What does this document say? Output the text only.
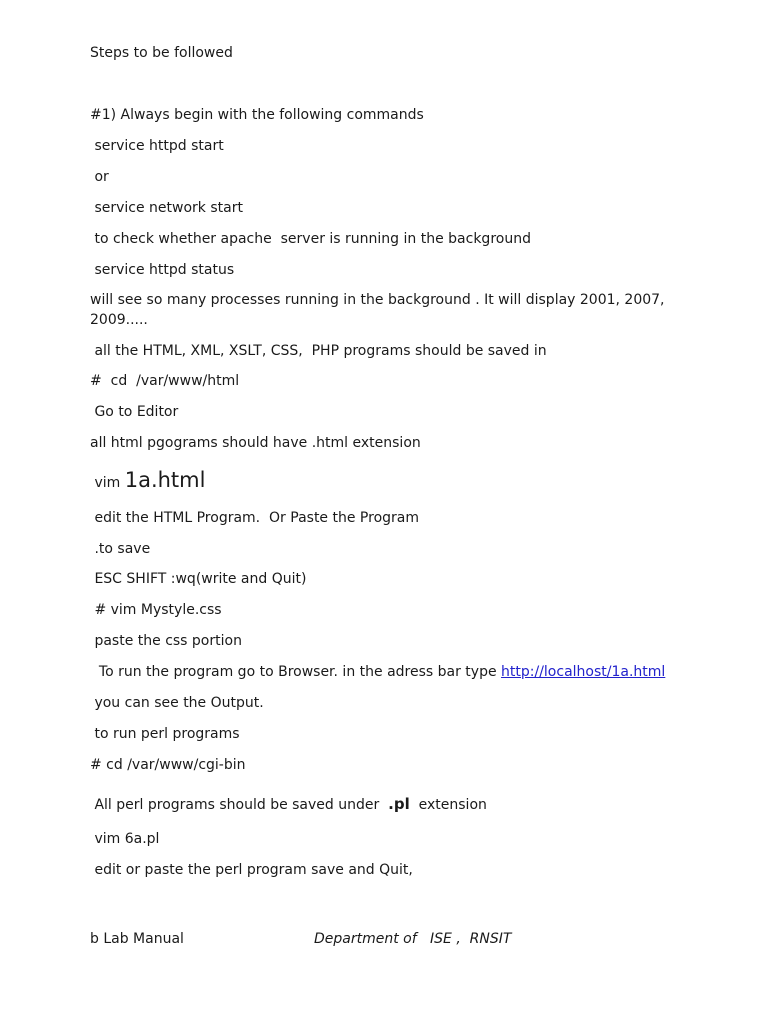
Steps to be followed
#1) Always begin with the following commands
service httpd start
or
service network start
to check whether apache  server is running in the background
service httpd status
will see so many processes running in the background . It will display 2001, 2007, 2009.....
all the HTML, XML, XSLT, CSS,  PHP programs should be saved in
#  cd  /var/www/html
Go to Editor
all html pgograms should have .html extension
vim 1a.html
edit the HTML Program.  Or Paste the Program
.to save
ESC SHIFT :wq(write and Quit)
# vim Mystyle.css
paste the css portion
To run the program go to Browser. in the adress bar type http://localhost/1a.html
you can see the Output.
to run perl programs
# cd /var/www/cgi-bin
All perl programs should be saved under  .pl  extension
vim 6a.pl
edit or paste the perl program save and Quit,
b Lab Manual	Department of   ISE ,  RNSIT
